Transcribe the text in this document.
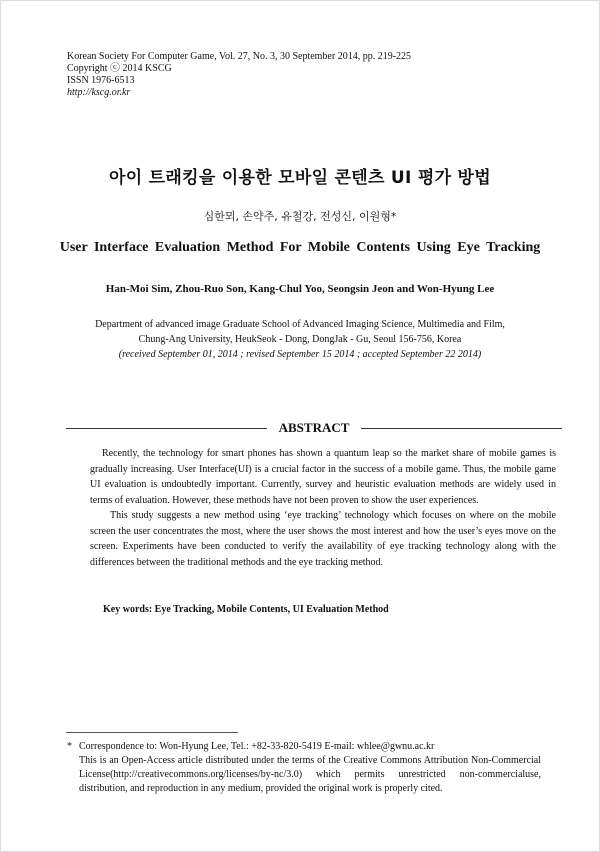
Korean Society For Computer Game, Vol. 27, No. 3, 30 September 2014, pp. 219-225
Copyright ⓒ 2014 KSCG
ISSN 1976-6513
http://kscg.or.kr
아이 트래킹을 이용한 모바일 콘텐츠 UI 평가 방법
심한뫼, 손약주, 유철강, 전성신, 이원형*
User Interface Evaluation Method For Mobile Contents Using Eye Tracking
Han-Moi Sim, Zhou-Ruo Son, Kang-Chul Yoo, Seongsin Jeon and Won-Hyung Lee
Department of advanced image Graduate School of Advanced Imaging Science, Multimedia and Film,
Chung-Ang University, HeukSeok - Dong, DongJak - Gu, Seoul 156-756, Korea
(received September 01, 2014 ; revised September 15 2014 ; accepted September 22 2014)
ABSTRACT

Recently, the technology for smart phones has shown a quantum leap so the market share of mobile games is gradually increasing. User Interface(UI) is a crucial factor in the success of a mobile game. Thus, the mobile game UI evaluation is undoubtedly important. Currently, survey and heuristic evaluation methods are widely used in terms of evaluation. However, these methods have not been proven to show the user experiences.

This study suggests a new method using ‘eye tracking’ technology which focuses on where on the mobile screen the user concentrates the most, where the user shows the most interest and how the user’s eyes move on the screen. Experiments have been conducted to verify the availability of eye tracking technology along with the differences between the traditional methods and the eye tracking method.

Key words: Eye Tracking, Mobile Contents, UI Evaluation Method
* Correspondence to: Won-Hyung Lee, Tel.: +82-33-820-5419 E-mail: whlee@gwnu.ac.kr
This is an Open-Access article distributed under the terms of the Creative Commons Attribution Non-Commercial License(http://creativecommons.org/licenses/by-nc/3.0) which permits unrestricted non-commercialuse, distribution, and reproduction in any medium, provided the original work is properly cited.
